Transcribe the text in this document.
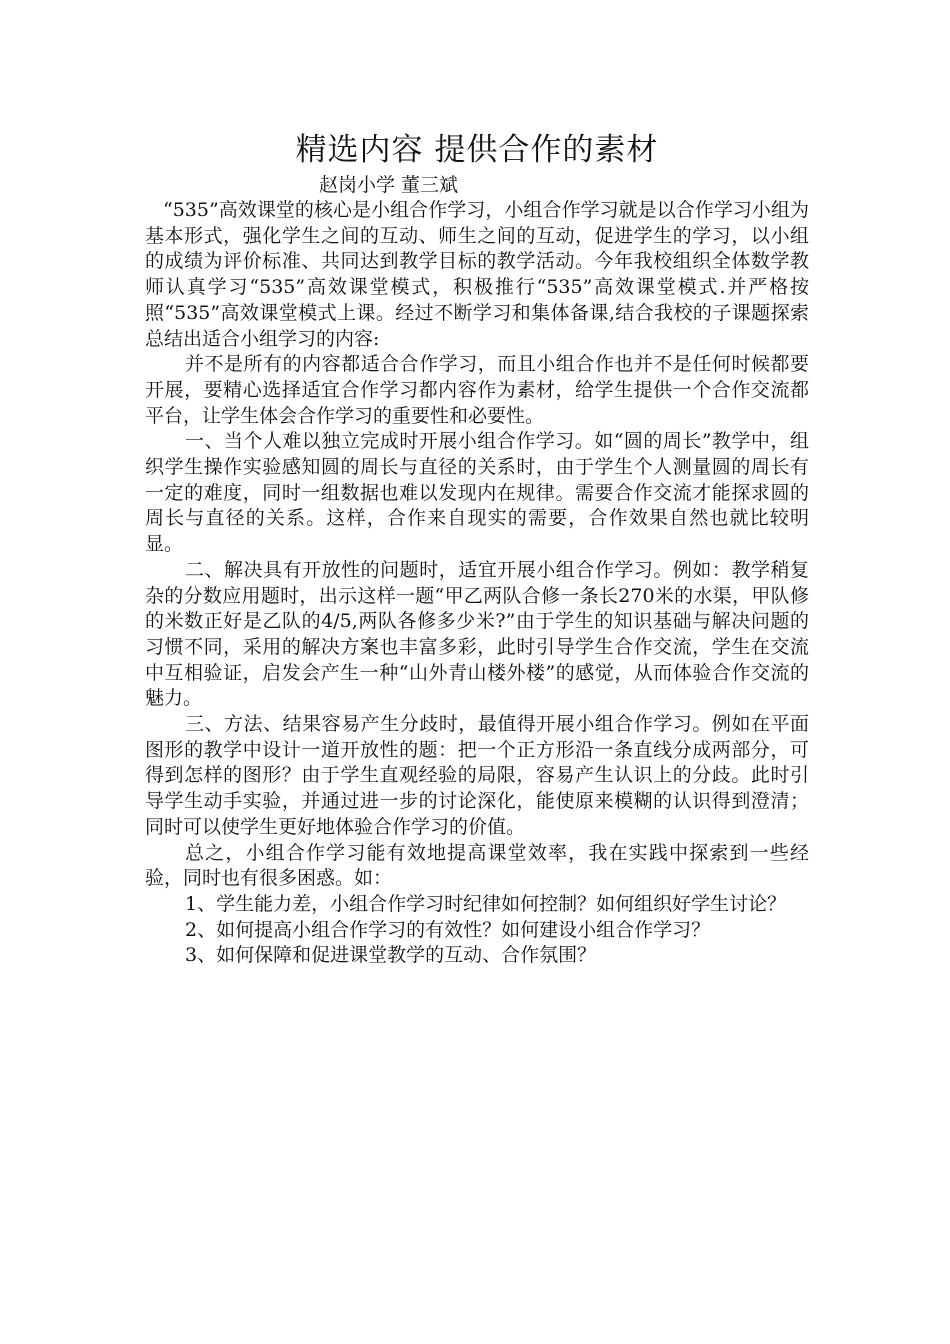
精选内容 提供合作的素材

赵岗小学 董三斌

“535”高效课堂的核心是小组合作学习，小组合作学习就是以合作学习小组为基本形式，强化学生之间的互动、师生之间的互动，促进学生的学习，以小组的成绩为评价标准、共同达到教学目标的教学活动。今年我校组织全体数学教师认真学习“535”高效课堂模式，积极推行“535”高效课堂模式.并严格按照“535”高效课堂模式上课。经过不断学习和集体备课,结合我校的子课题探索总结出适合小组学习的内容:

并不是所有的内容都适合合作学习，而且小组合作也并不是任何时候都要开展，要精心选择适宜合作学习都内容作为素材，给学生提供一个合作交流都平台，让学生体会合作学习的重要性和必要性。

一、当个人难以独立完成时开展小组合作学习。如“圆的周长”教学中，组织学生操作实验感知圆的周长与直径的关系时，由于学生个人测量圆的周长有一定的难度，同时一组数据也难以发现内在规律。需要合作交流才能探求圆的周长与直径的关系。这样，合作来自现实的需要，合作效果自然也就比较明显。

二、解决具有开放性的问题时，适宜开展小组合作学习。例如：教学稍复杂的分数应用题时，出示这样一题“甲乙两队合修一条长270米的水渠，甲队修的米数正好是乙队的4/5,两队各修多少米?”由于学生的知识基础与解决问题的习惯不同，采用的解决方案也丰富多彩，此时引导学生合作交流，学生在交流中互相验证，启发会产生一种“山外青山楼外楼”的感觉，从而体验合作交流的魅力。

三、方法、结果容易产生分歧时，最值得开展小组合作学习。例如在平面图形的教学中设计一道开放性的题：把一个正方形沿一条直线分成两部分，可得到怎样的图形？由于学生直观经验的局限，容易产生认识上的分歧。此时引导学生动手实验，并通过进一步的讨论深化，能使原来模糊的认识得到澄清；同时可以使学生更好地体验合作学习的价值。

总之，小组合作学习能有效地提高课堂效率，我在实践中探索到一些经验，同时也有很多困惑。如：

1、学生能力差，小组合作学习时纪律如何控制？如何组织好学生讨论？

2、如何提高小组合作学习的有效性？如何建设小组合作学习？

3、如何保障和促进课堂教学的互动、合作氛围？
